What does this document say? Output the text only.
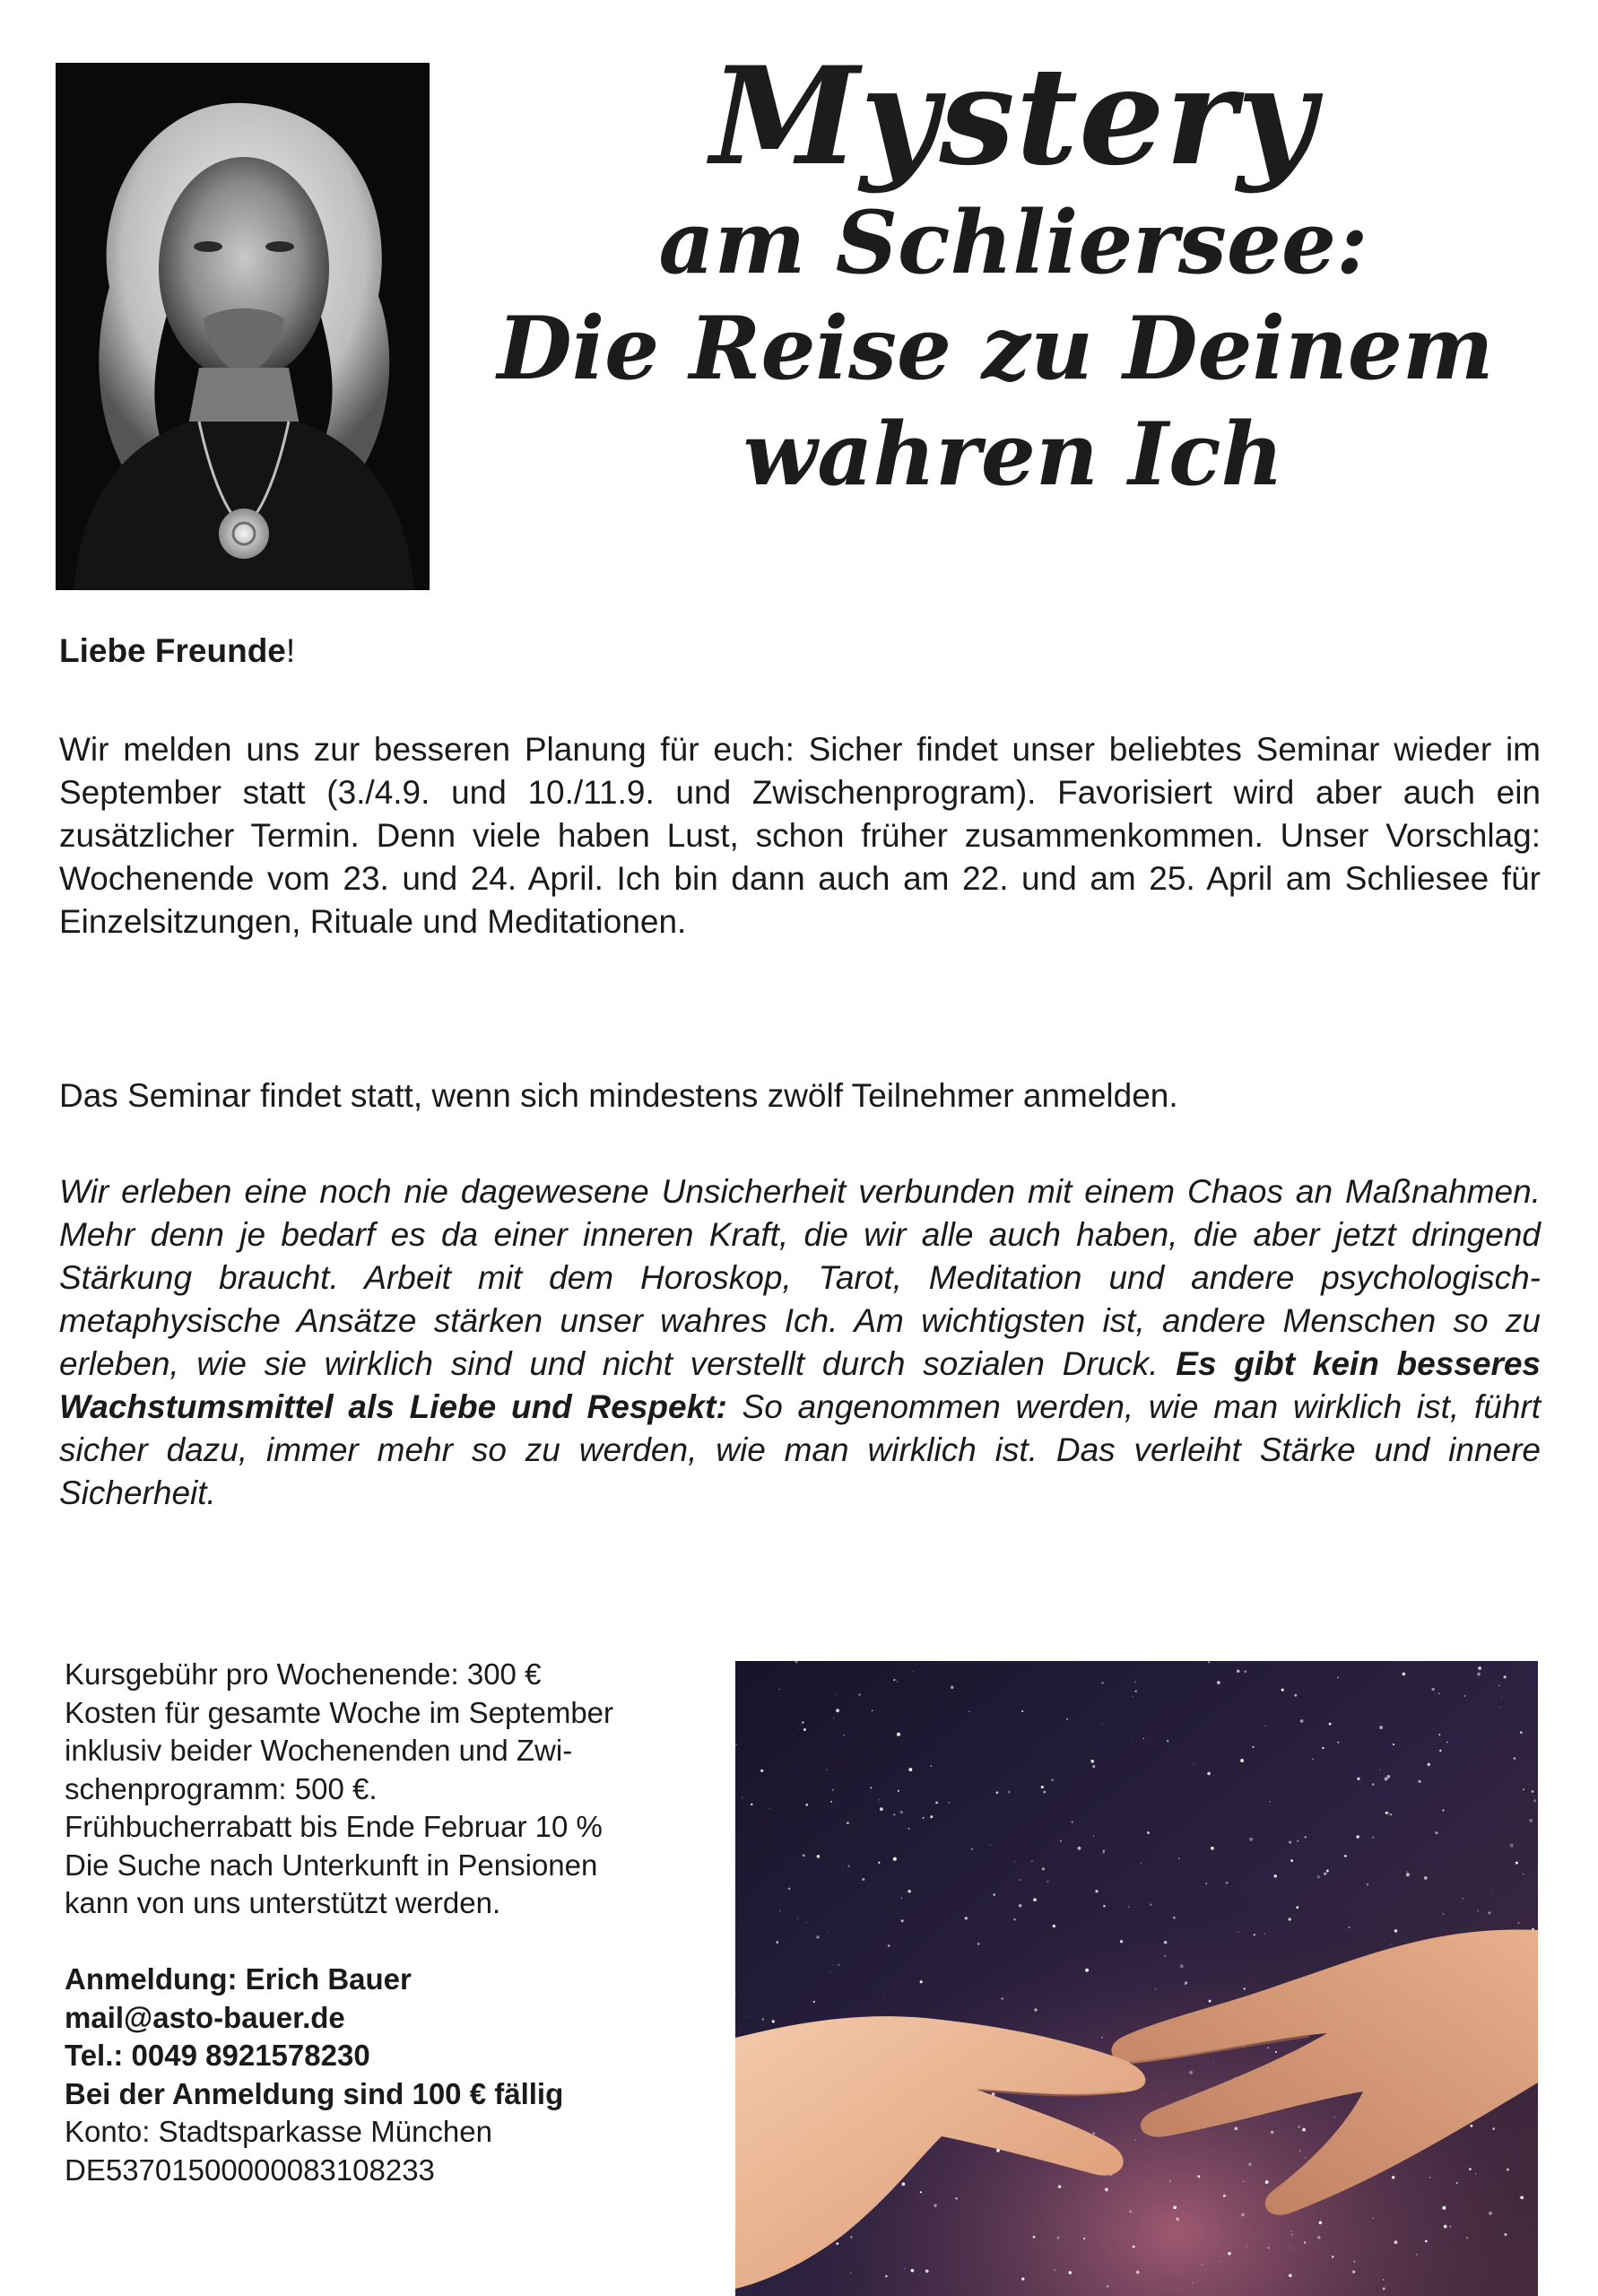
Mystery
am Schliersee:
Die Reise zu Deinem
wahren Ich
Liebe Freunde!

Wir melden uns zur besseren Planung für euch: Sicher findet unser beliebtes Seminar wieder im September statt (3./4.9. und 10./11.9. und Zwischenprogram). Favorisiert wird aber auch ein zusätzlicher Termin. Denn viele haben Lust, schon früher zusammenkommen. Unser Vorschlag: Wochenende vom 23. und 24. April. Ich bin dann auch am 22. und am 25. April am Schliesee für Einzelsitzungen, Rituale und Meditationen.

Das Seminar findet statt, wenn sich mindestens zwölf Teilnehmer anmelden.

Wir erleben eine noch nie dagewesene Unsicherheit verbunden mit einem Chaos an Maßnahmen. Mehr denn je bedarf es da einer inneren Kraft, die wir alle auch haben, die aber jetzt dringend Stärkung braucht. Arbeit mit dem Horoskop, Tarot, Meditation und andere psychologisch-metaphysische Ansätze stärken unser wahres Ich. Am wichtigsten ist, andere Menschen so zu erleben, wie sie wirklich sind und nicht verstellt durch sozialen Druck. Es gibt kein besseres Wachstumsmittel als Liebe und Respekt: So angenommen werden, wie man wirklich ist, führt sicher dazu, immer mehr so zu werden, wie man wirklich ist. Das verleiht Stärke und innere Sicherheit.

Kursgebühr pro Wochenende: 300 €
Kosten für gesamte Woche im September
inklusiv beider Wochenenden und Zwi-
schenprogramm: 500 €.
Frühbucherrabatt bis Ende Februar 10 %
Die Suche nach Unterkunft in Pensionen
kann von uns unterstützt werden.
Anmeldung: Erich Bauer
mail@asto-bauer.de
Tel.: 0049 8921578230
Bei der Anmeldung sind 100 € fällig
Konto: Stadtsparkasse München
DE53701500000083108233
